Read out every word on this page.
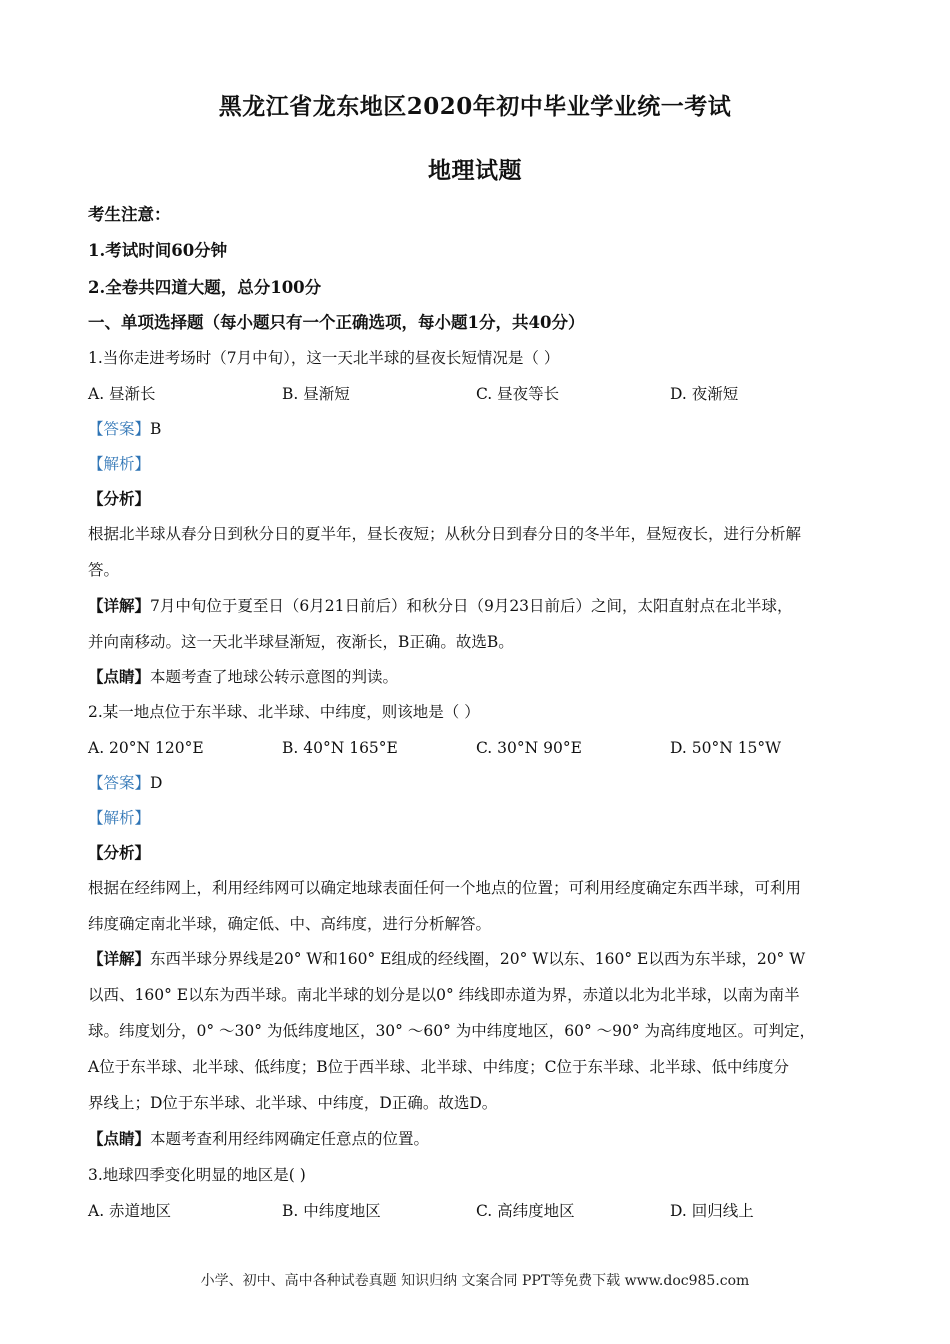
黑龙江省龙东地区2020年初中毕业学业统一考试
地理试题
考生注意：
1.考试时间60分钟
2.全卷共四道大题，总分100分
一、单项选择题（每小题只有一个正确选项，每小题1分，共40分）
1.当你走进考场时（7月中旬），这一天北半球的昼夜长短情况是（ ）
A. 昼渐长	B. 昼渐短	C. 昼夜等长	D. 夜渐短
【答案】B
【解析】
【分析】
根据北半球从春分日到秋分日的夏半年，昼长夜短；从秋分日到春分日的冬半年，昼短夜长，进行分析解
答。
【详解】7月中旬位于夏至日（6月21日前后）和秋分日（9月23日前后）之间，太阳直射点在北半球，
并向南移动。这一天北半球昼渐短，夜渐长，B正确。故选B。
【点睛】本题考查了地球公转示意图的判读。
2.某一地点位于东半球、北半球、中纬度，则该地是（ ）
A. 20°N 120°E	B. 40°N 165°E	C. 30°N 90°E	D. 50°N 15°W
【答案】D
【解析】
【分析】
根据在经纬网上，利用经纬网可以确定地球表面任何一个地点的位置；可利用经度确定东西半球，可利用
纬度确定南北半球，确定低、中、高纬度，进行分析解答。
【详解】东西半球分界线是20° W和160° E组成的经线圈，20° W以东、160° E以西为东半球，20° W
以西、160° E以东为西半球。南北半球的划分是以0° 纬线即赤道为界，赤道以北为北半球，以南为南半
球。纬度划分，0° ～30° 为低纬度地区，30° ～60° 为中纬度地区，60° ～90° 为高纬度地区。可判定，
A位于东半球、北半球、低纬度；B位于西半球、北半球、中纬度；C位于东半球、北半球、低中纬度分
界线上；D位于东半球、北半球、中纬度，D正确。故选D。
【点睛】本题考查利用经纬网确定任意点的位置。
3.地球四季变化明显的地区是( )
A. 赤道地区	B. 中纬度地区	C. 高纬度地区	D. 回归线上
小学、初中、高中各种试卷真题 知识归纳 文案合同 PPT等免费下载 www.doc985.com
